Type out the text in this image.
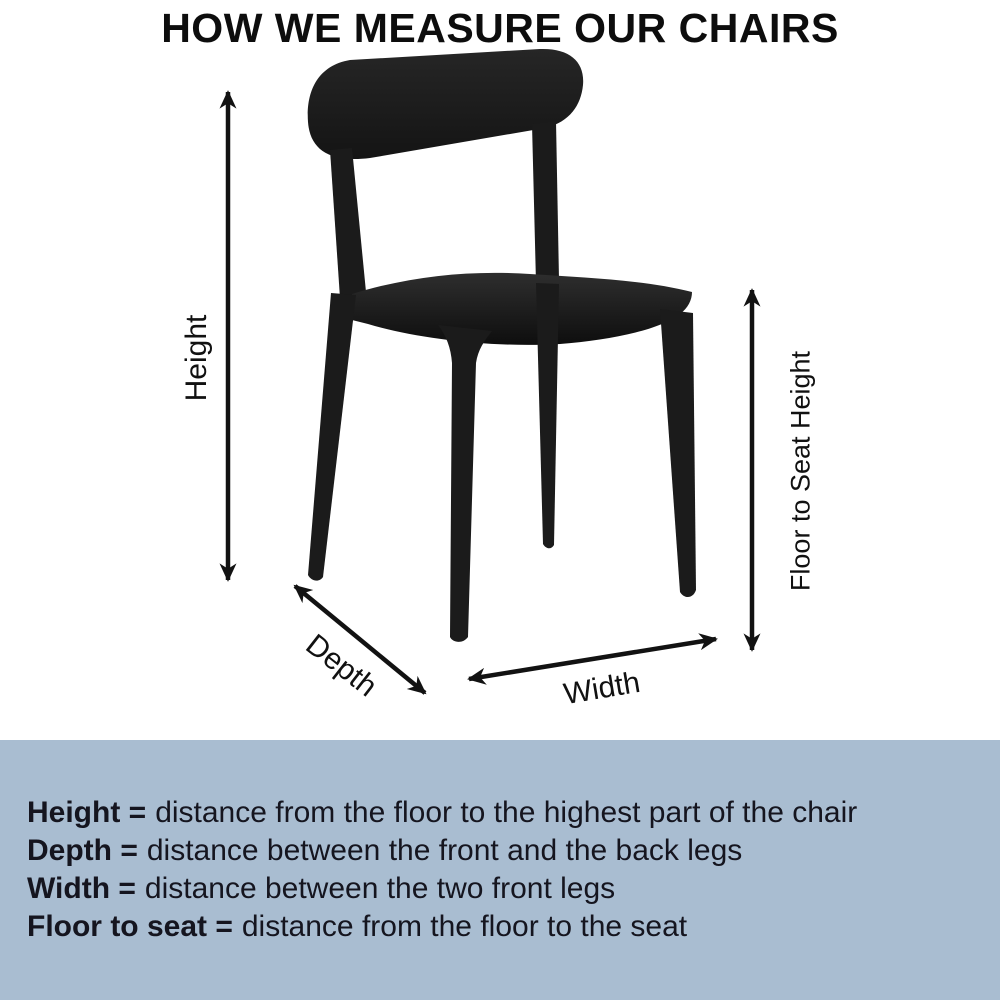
HOW WE MEASURE OUR CHAIRS
Height	Floor to Seat Height
Depth	Width
Height = distance from the floor to the highest part of the chair
Depth = distance between the front and the back legs
Width = distance between the two front legs
Floor to seat = distance from the floor to the seat
